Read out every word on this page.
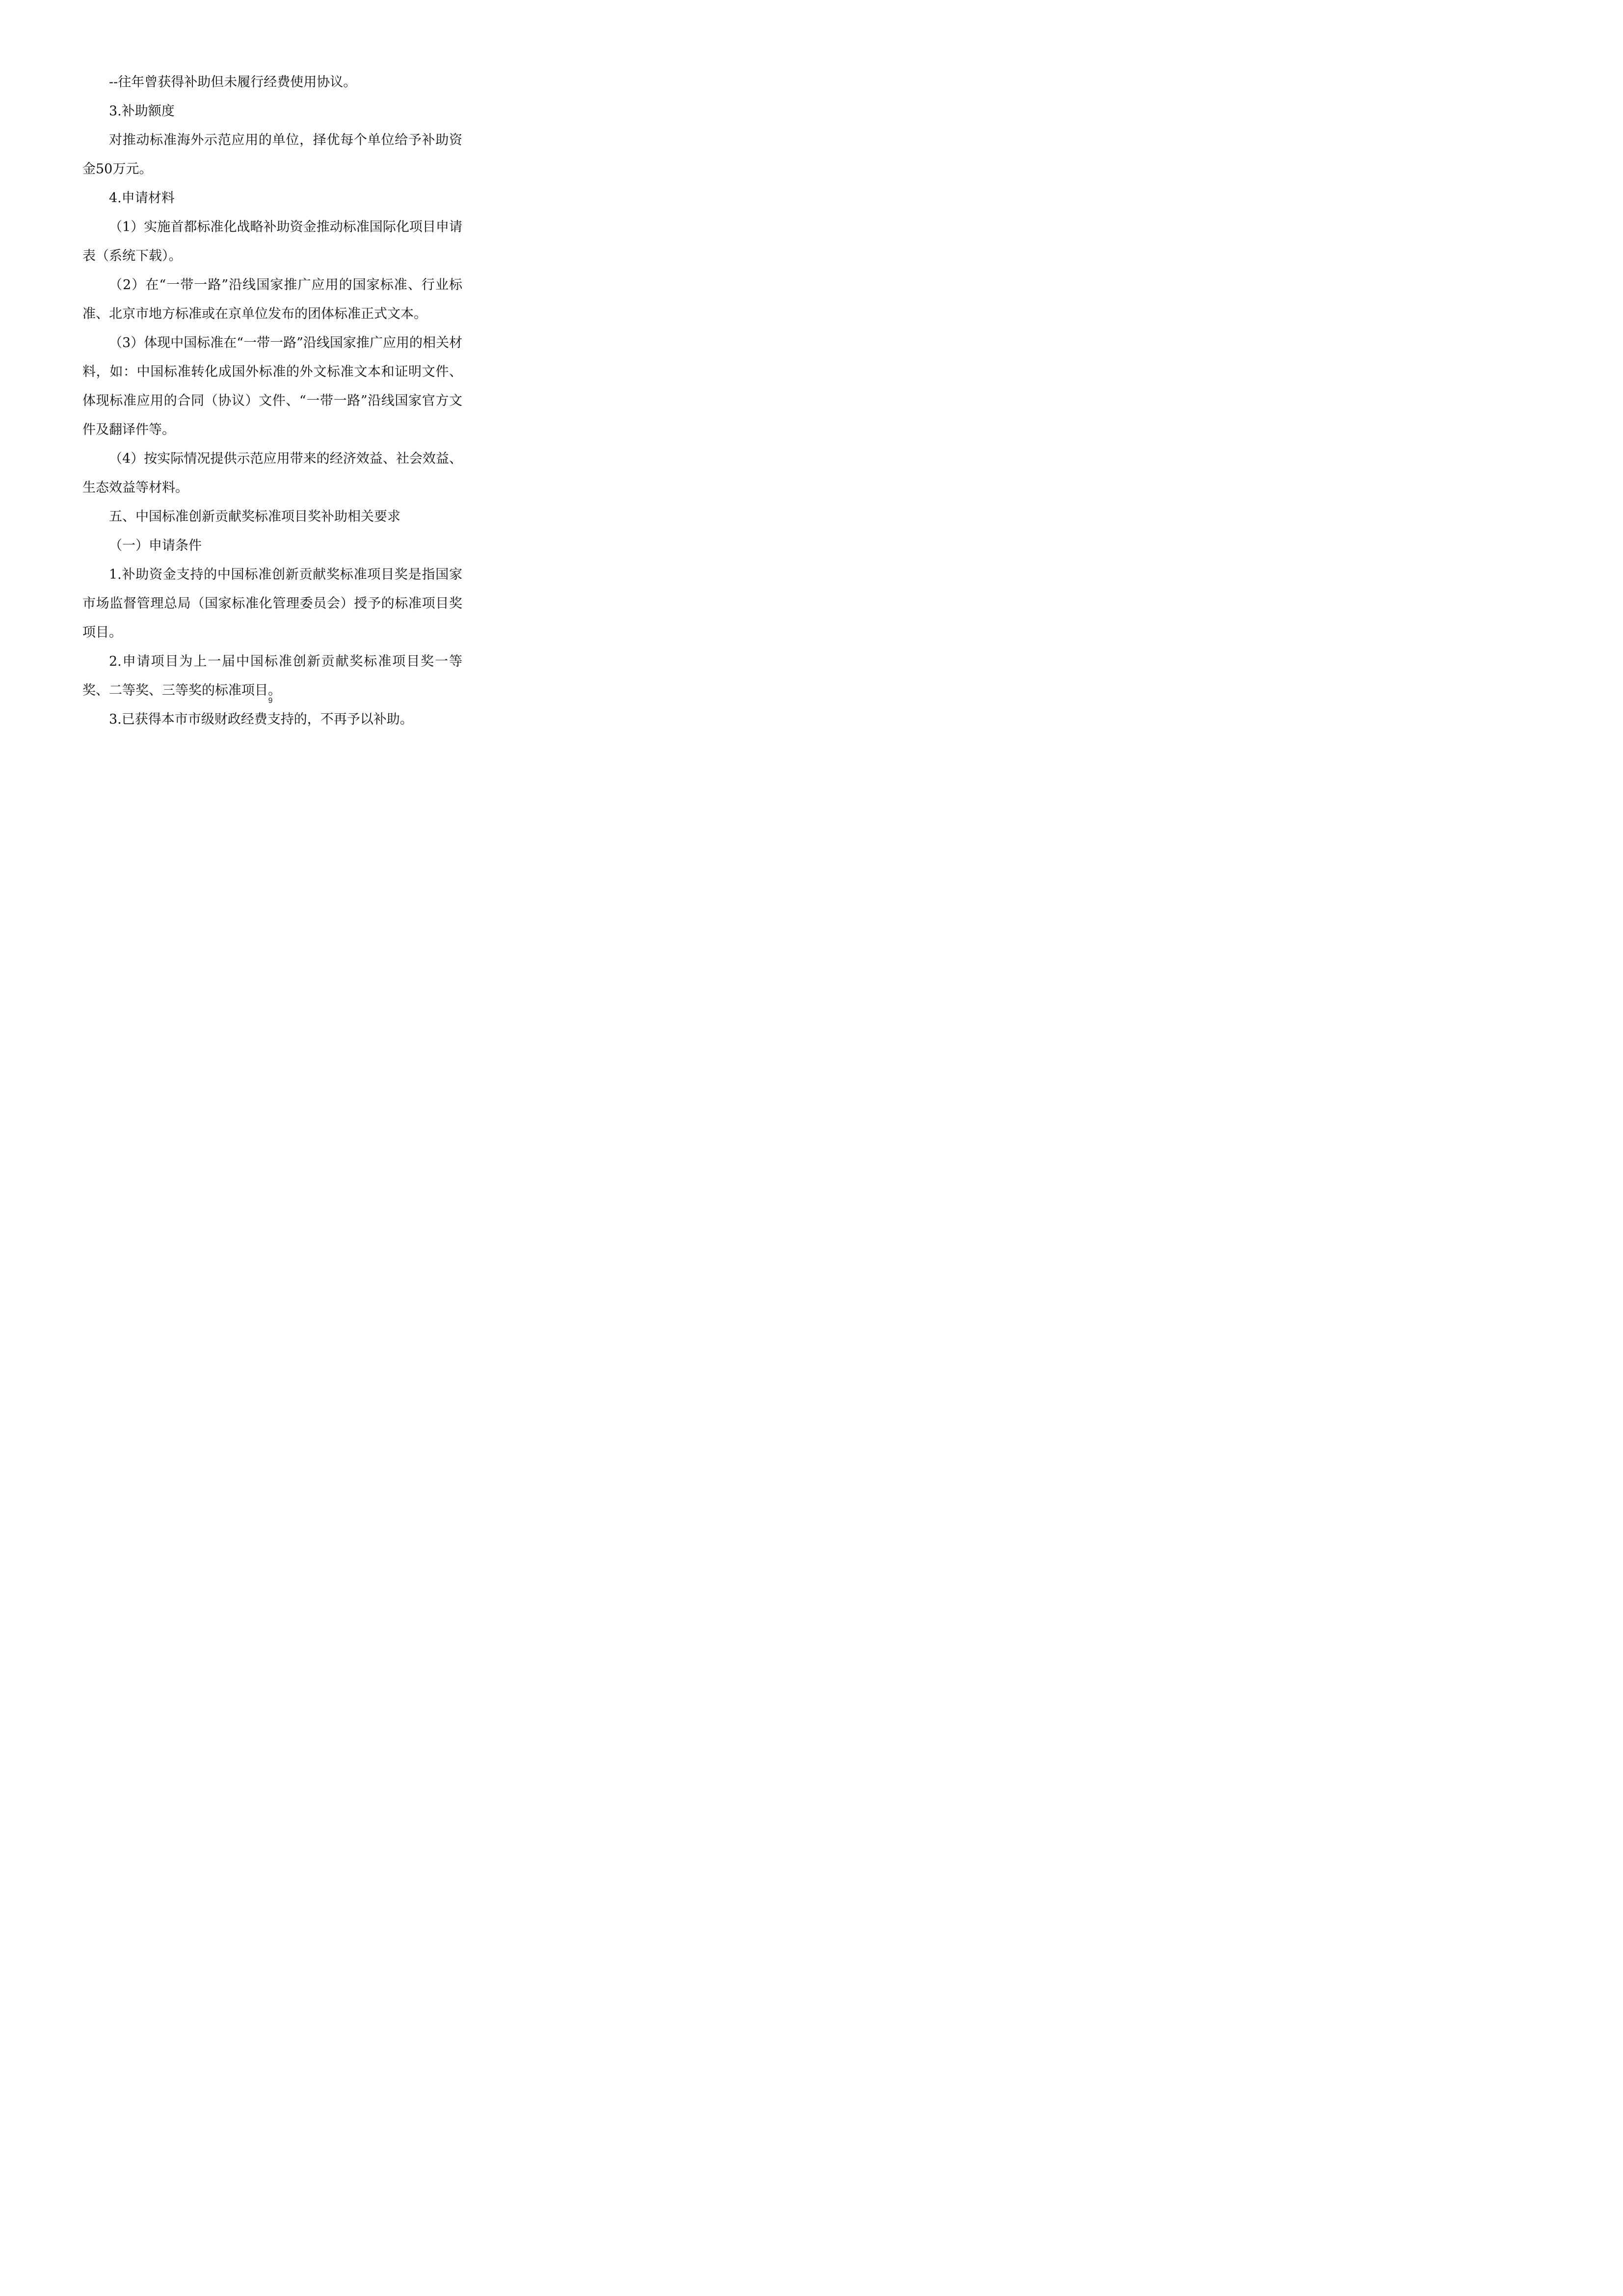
--往年曾获得补助但未履行经费使用协议。

3.补助额度

对推动标准海外示范应用的单位，择优每个单位给予补助资金50万元。

4.申请材料

（1）实施首都标准化战略补助资金推动标准国际化项目申请表（系统下载）。

（2）在“一带一路”沿线国家推广应用的国家标准、行业标准、北京市地方标准或在京单位发布的团体标准正式文本。

（3）体现中国标准在“一带一路”沿线国家推广应用的相关材料，如：中国标准转化成国外标准的外文标准文本和证明文件、体现标准应用的合同（协议）文件、“一带一路”沿线国家官方文件及翻译件等。

（4）按实际情况提供示范应用带来的经济效益、社会效益、生态效益等材料。

五、中国标准创新贡献奖标准项目奖补助相关要求

（一）申请条件

1.补助资金支持的中国标准创新贡献奖标准项目奖是指国家市场监督管理总局（国家标准化管理委员会）授予的标准项目奖项目。

2.申请项目为上一届中国标准创新贡献奖标准项目奖一等奖、二等奖、三等奖的标准项目。

3.已获得本市市级财政经费支持的，不再予以补助。

9
